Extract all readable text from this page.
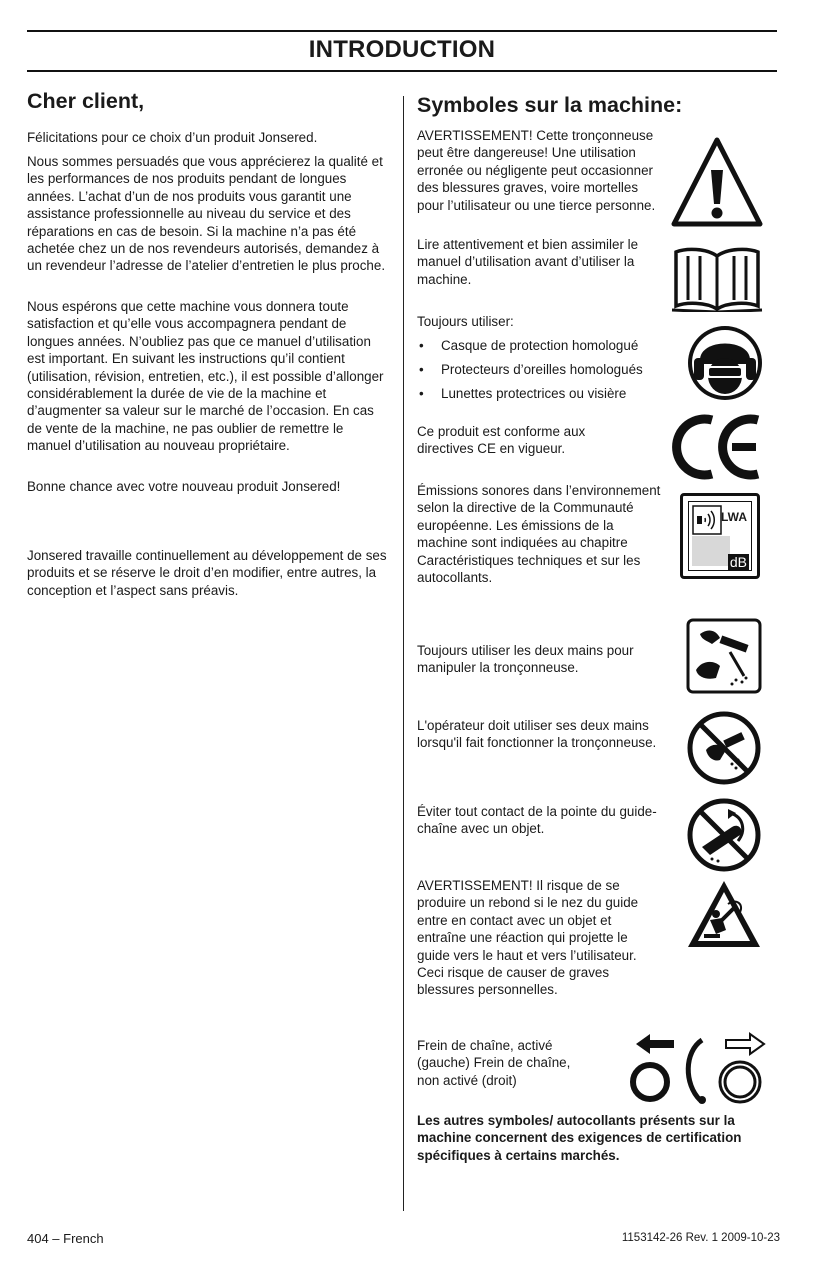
INTRODUCTION
Cher client,

Félicitations pour ce choix d’un produit Jonsered.

Nous sommes persuadés que vous apprécierez la qualité et les performances de nos produits pendant de longues années. L’achat d’un de nos produits vous garantit une assistance professionnelle au niveau du service et des réparations en cas de besoin. Si la machine n’a pas été achetée chez un de nos revendeurs autorisés, demandez à un revendeur l’adresse de l’atelier d’entretien le plus proche.

Nous espérons que cette machine vous donnera toute satisfaction et qu’elle vous accompagnera pendant de longues années. N’oubliez pas que ce manuel d’utilisation est important. En suivant les instructions qu’il contient (utilisation, révision, entretien, etc.), il est possible d’allonger considérablement la durée de vie de la machine et d’augmenter sa valeur sur le marché de l’occasion. En cas de vente de la machine, ne pas oublier de remettre le manuel d’utilisation au nouveau propriétaire.

Bonne chance avec votre nouveau produit Jonsered!

Jonsered travaille continuellement au développement de ses produits et se réserve le droit d’en modifier, entre autres, la conception et l’aspect sans préavis.

Symboles sur la machine:

AVERTISSEMENT! Cette tronçonneuse peut être dangereuse! Une utilisation erronée ou négligente peut occasionner des blessures graves, voire mortelles pour l’utilisateur ou une tierce personne.

Lire attentivement et bien assimiler le manuel d’utilisation avant d’utiliser la machine.

Toujours utiliser:

• Casque de protection homologué
• Protecteurs d’oreilles homologués
• Lunettes protectrices ou visière

Ce produit est conforme aux directives CE en vigueur.

Émissions sonores dans l’environnement selon la directive de la Communauté européenne. Les émissions de la machine sont indiquées au chapitre Caractéristiques techniques et sur les autocollants.

LWA
dB

Toujours utiliser les deux mains pour manipuler la tronçonneuse.

L'opérateur doit utiliser ses deux mains lorsqu'il fait fonctionner la tronçonneuse.

Éviter tout contact de la pointe du guide-chaîne avec un objet.

AVERTISSEMENT! Il risque de se produire un rebond si le nez du guide entre en contact avec un objet et entraîne une réaction qui projette le guide vers le haut et vers l’utilisateur. Ceci risque de causer de graves blessures personnelles.

Frein de chaîne, activé (gauche) Frein de chaîne, non activé (droit)

Les autres symboles/ autocollants présents sur la machine concernent des exigences de certification spécifiques à certains marchés.

404 – French	1153142-26 Rev. 1 2009-10-23
